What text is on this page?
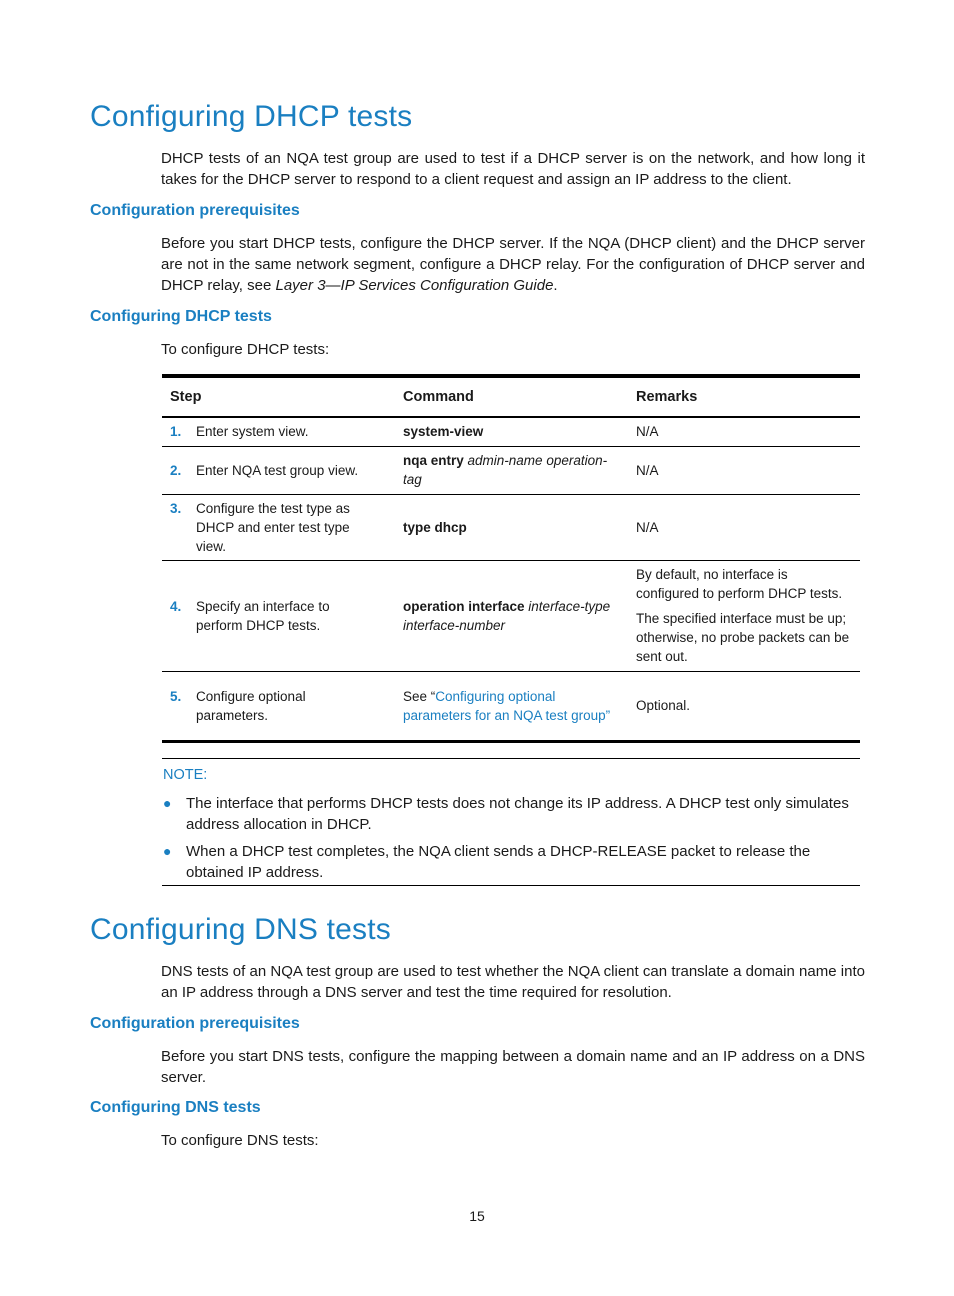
Configuring DHCP tests

DHCP tests of an NQA test group are used to test if a DHCP server is on the network, and how long it takes for the DHCP server to respond to a client request and assign an IP address to the client.

Configuration prerequisites

Before you start DHCP tests, configure the DHCP server. If the NQA (DHCP client) and the DHCP server are not in the same network segment, configure a DHCP relay. For the configuration of DHCP server and DHCP relay, see Layer 3—IP Services Configuration Guide.

Configuring DHCP tests

To configure DHCP tests:

Step	Command	Remarks
1. Enter system view.	system-view	N/A

2. Enter NQA test group view.	nqa entry admin-name operation-tag	N/A

3. Configure the test type as DHCP and enter test type view.	type dhcp	N/A

4. Specify an interface to perform DHCP tests.	operation interface interface-type interface-number	By default, no interface is configured to perform DHCP tests.

The specified interface must be up; otherwise, no probe packets can be sent out.

5. Configure optional parameters.	See “Configuring optional parameters for an NQA test group”	Optional.

NOTE:
● The interface that performs DHCP tests does not change its IP address. A DHCP test only simulates address allocation in DHCP.
● When a DHCP test completes, the NQA client sends a DHCP-RELEASE packet to release the obtained IP address.
Configuring DNS tests

DNS tests of an NQA test group are used to test whether the NQA client can translate a domain name into an IP address through a DNS server and test the time required for resolution.

Configuration prerequisites

Before you start DNS tests, configure the mapping between a domain name and an IP address on a DNS server.

Configuring DNS tests

To configure DNS tests:

15
